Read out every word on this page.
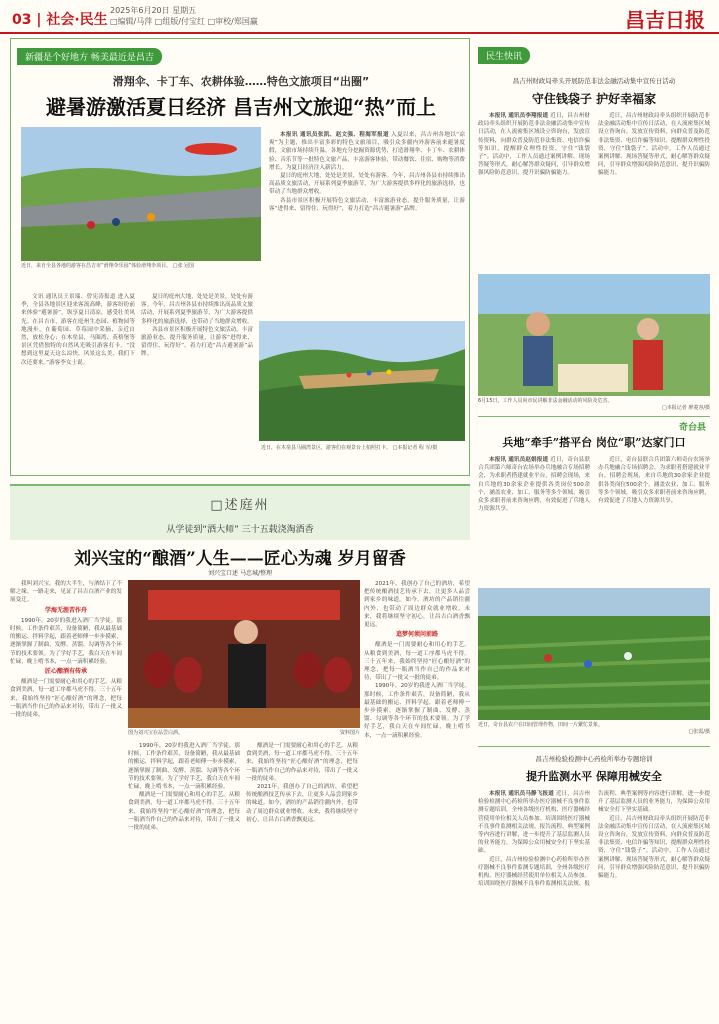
03 | 社会·民生
2025年6月20日 星期五
□编辑/马萍 □组版/付宝红 □审校/郑国赢	昌吉日报
新疆是个好地方 畅美最近是昌吉
滑翔伞、卡丁车、农耕体验……特色文旅项目“出圈”
避暑游激活夏日经济 昌吉州文旅迎“热”而上
近日，来自全县各地的游客在昌吉市“滑翔伞乐园”体验滑翔伞项目。 □张 冠国

本报讯 通讯员张凯、赵文强、程海军报道 入夏以来，昌吉州各地以“凉爽”为主题，推出丰富多彩的特色文旅项目，吸引众多疆内外游客前来避暑度假，文旅市场持续升温。各地充分挖掘资源优势，打造滑翔伞、卡丁车、农耕体验、音乐节等一批特色文旅产品，丰富游客体验，带动餐饮、住宿、购物等消费增长，为夏日经济注入新活力。

夏日的庭州大地，处处是美景，处处有游客。今年，昌吉州各县市持续推出高品质文旅活动，开展系列夏季旅游节，为广大游客提供多样化的旅游选择，也带动了当地群众增收。

各县市景区积极开展特色文旅活动，丰富旅游业态，提升服务质量，让游客“进得来、留得住、玩得好”，着力打造“昌吉避暑游”品牌。

文讯 通讯员王景瑞、曾宪涛报道 进入夏季，全县各地景区迎来客流高峰，游客纷纷前来体验“避暑游”，纵享夏日清凉，感受壮美风光。在昌吉市，游客在庭州生态园、植物园等地漫步，在葡萄园、草莓园中采摘，亲近自然，放松身心；在木垒县，马圈湾、英格堡等景区凭借独特的自然风光吸引游客打卡。“没想到这里夏天这么凉快，风景这么美，我们下次还要来。”游客李女士说。

夏日的庭州大地，处处是美景，处处有游客。今年，昌吉州各县市持续推出高品质文旅活动，开展系列夏季旅游节，为广大游客提供多样化的旅游选择，也带动了当地群众增收。

各县市景区积极开展特色文旅活动，丰富旅游业态，提升服务质量，让游客“进得来、留得住、玩得好”，着力打造“昌吉避暑游”品牌。

近日，在木垒县马圈湾景区，游客们在观景台上拍照打卡。 □本报记者 程 军/摄
□述庭州
从学徒到“酒大师” 三十五载浇淘酒香
刘兴宝的“酿酒”人生——匠心为魂 岁月留香
刘兴宝口述 马忠城/整理

我叫刘兴宝，我的大半生，与酒结下了不解之缘。一路走来，见证了昌吉白酒产业的发展变迁。

学海无涯苦作舟

1990年，20岁的我进入酒厂当学徒。那时候，工作条件艰苦，设备简陋，我从最基础的搬运、拌料学起，跟着老师傅一步步摸索，逐渐掌握了制曲、发酵、蒸馏、勾调等各个环节的技术要领。为了学好手艺，我白天在车间忙碌，晚上啃书本，一点一滴积累经验。

匠心酿酒有传承

酿酒是一门需要耐心和用心的手艺。从粮食到美酒，每一道工序都马虎不得。三十五年来，我始终坚持“匠心酿好酒”的理念，把每一瓶酒当作自己的作品来对待，带出了一批又一批的徒弟。

图为刘兴宝在品尝白酒。	资料图片

1990年，20岁的我进入酒厂当学徒。那时候，工作条件艰苦，设备简陋，我从最基础的搬运、拌料学起，跟着老师傅一步步摸索，逐渐掌握了制曲、发酵、蒸馏、勾调等各个环节的技术要领。为了学好手艺，我白天在车间忙碌，晚上啃书本，一点一滴积累经验。

酿酒是一门需要耐心和用心的手艺。从粮食到美酒，每一道工序都马虎不得。三十五年来，我始终坚持“匠心酿好酒”的理念，把每一瓶酒当作自己的作品来对待，带出了一批又一批的徒弟。

酿酒是一门需要耐心和用心的手艺。从粮食到美酒，每一道工序都马虎不得。三十五年来，我始终坚持“匠心酿好酒”的理念，把每一瓶酒当作自己的作品来对待，带出了一批又一批的徒弟。

2021年，我创办了自己的酒坊，希望把传统酿酒技艺传承下去，让更多人品尝到家乡的味道。如今，酒坊的产品销往疆内外，也带动了周边群众就业增收。未来，我将继续坚守初心，让昌吉白酒香飘更远。

2021年，我创办了自己的酒坊，希望把传统酿酒技艺传承下去，让更多人品尝到家乡的味道。如今，酒坊的产品销往疆内外，也带动了周边群众就业增收。未来，我将继续坚守初心，让昌吉白酒香飘更远。

追梦何须问前路

酿酒是一门需要耐心和用心的手艺。从粮食到美酒，每一道工序都马虎不得。三十五年来，我始终坚持“匠心酿好酒”的理念，把每一瓶酒当作自己的作品来对待，带出了一批又一批的徒弟。

1990年，20岁的我进入酒厂当学徒。那时候，工作条件艰苦，设备简陋，我从最基础的搬运、拌料学起，跟着老师傅一步步摸索，逐渐掌握了制曲、发酵、蒸馏、勾调等各个环节的技术要领。为了学好手艺，我白天在车间忙碌，晚上啃书本，一点一滴积累经验。

民生快讯
昌吉州财政局牵头开展防范非法金融活动集中宣传日活动
守住钱袋子 护好幸福家

本报讯 通讯员李翔报道 近日，昌吉州财政局牵头组织开展防范非法金融活动集中宣传日活动，在人流密集区域设立咨询台，发放宣传资料，向群众普及防范非法集资、电信诈骗等知识，提醒群众理性投资，守住“钱袋子”。活动中，工作人员通过案例讲解、现场答疑等形式，耐心解答群众疑问，引导群众增强风险防范意识，提升识骗防骗能力。

近日，昌吉州财政局牵头组织开展防范非法金融活动集中宣传日活动，在人流密集区域设立咨询台，发放宣传资料，向群众普及防范非法集资、电信诈骗等知识，提醒群众理性投资，守住“钱袋子”。活动中，工作人员通过案例讲解、现场答疑等形式，耐心解答群众疑问，引导群众增强风险防范意识，提升识骗防骗能力。

6月15日，工作人员向市民讲解非法金融活动的风险及危害。
□本报记者 廖菱容/摄
奇台县
兵地“牵手”搭平台 岗位“职”达家门口

本报讯 通讯员赵娟报道 近日，奇台县联合兵团第六师奇台农场举办兵地融合专场招聘会，为求职者搭建就业平台。招聘会现场，来自兵地的30余家企业提供各类岗位500余个，涵盖农业、加工、服务等多个领域，吸引众多求职者前来咨询应聘，有效促进了兵地人力资源共享。

近日，奇台县联合兵团第六师奇台农场举办兵地融合专场招聘会，为求职者搭建就业平台。招聘会现场，来自兵地的30余家企业提供各类岗位500余个，涵盖农业、加工、服务等多个领域，吸引众多求职者前来咨询应聘，有效促进了兵地人力资源共享。

近日，奇台县农户在田间管理作物，田间一片繁忙景象。
□张霞/摄
昌吉州检验检测中心药检所举办专题培训
提升监测水平 保障用械安全

本报讯 通讯员马静飞报道 近日，昌吉州检验检测中心药检所举办医疗器械不良事件监测专题培训，全州各级医疗机构、医疗器械经营使用单位相关人员参加。培训围绕医疗器械不良事件监测相关法规、报告流程、典型案例等内容进行讲解，进一步提升了基层监测人员的业务能力，为保障公众用械安全打下坚实基础。

近日，昌吉州检验检测中心药检所举办医疗器械不良事件监测专题培训，全州各级医疗机构、医疗器械经营使用单位相关人员参加。培训围绕医疗器械不良事件监测相关法规、报告流程、典型案例等内容进行讲解，进一步提升了基层监测人员的业务能力，为保障公众用械安全打下坚实基础。

近日，昌吉州财政局牵头组织开展防范非法金融活动集中宣传日活动，在人流密集区域设立咨询台，发放宣传资料，向群众普及防范非法集资、电信诈骗等知识，提醒群众理性投资，守住“钱袋子”。活动中，工作人员通过案例讲解、现场答疑等形式，耐心解答群众疑问，引导群众增强风险防范意识，提升识骗防骗能力。
